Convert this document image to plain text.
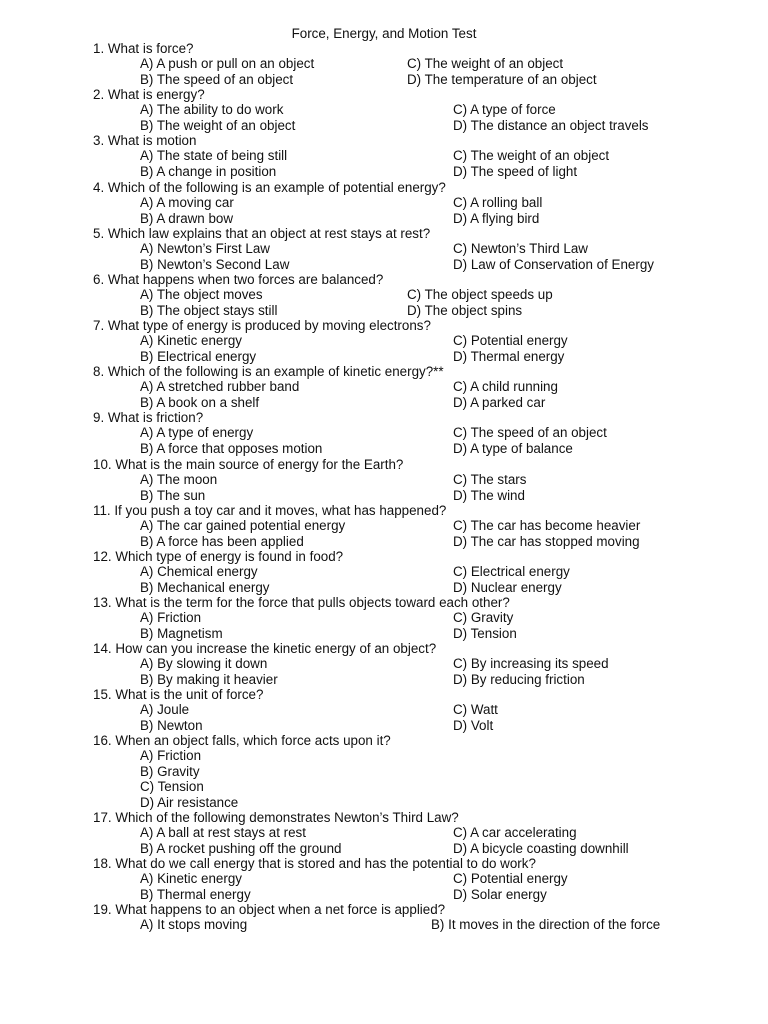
Force, Energy, and Motion Test
1. What is force?
A) A push or pull on an object
B) The speed of an object
C) The weight of an object
D) The temperature of an object
2. What is energy?
A) The ability to do work
B) The weight of an object
C) A type of force
D) The distance an object travels
3. What is motion
A) The state of being still
B) A change in position
C) The weight of an object
D) The speed of light
4. Which of the following is an example of potential energy?
A) A moving car
B) A drawn bow
C) A rolling ball
D) A flying bird
5. Which law explains that an object at rest stays at rest?
A) Newton’s First Law
B) Newton’s Second Law
C) Newton’s Third Law
D) Law of Conservation of Energy
6. What happens when two forces are balanced?
A) The object moves
B) The object stays still
C) The object speeds up
D) The object spins
7. What type of energy is produced by moving electrons?
A) Kinetic energy
B) Electrical energy
C) Potential energy
D) Thermal energy
8. Which of the following is an example of kinetic energy?**
A) A stretched rubber band
B) A book on a shelf
C) A child running
D) A parked car
9. What is friction?
A) A type of energy
B) A force that opposes motion
C) The speed of an object
D) A type of balance
10. What is the main source of energy for the Earth?
A) The moon
B) The sun
C) The stars
D) The wind
11. If you push a toy car and it moves, what has happened?
A) The car gained potential energy
B) A force has been applied
C) The car has become heavier
D) The car has stopped moving
12. Which type of energy is found in food?
A) Chemical energy
B) Mechanical energy
C) Electrical energy
D) Nuclear energy
13. What is the term for the force that pulls objects toward each other?
A) Friction
B) Magnetism
C) Gravity
D) Tension
14. How can you increase the kinetic energy of an object?
A) By slowing it down
B) By making it heavier
C) By increasing its speed
D) By reducing friction
15. What is the unit of force?
A) Joule
B) Newton
C) Watt
D) Volt
16. When an object falls, which force acts upon it?
A) Friction
B) Gravity
C) Tension
D) Air resistance
17. Which of the following demonstrates Newton’s Third Law?
A) A ball at rest stays at rest
B) A rocket pushing off the ground
C) A car accelerating
D) A bicycle coasting downhill
18. What do we call energy that is stored and has the potential to do work?
A) Kinetic energy
B) Thermal energy
C) Potential energy
D) Solar energy
19. What happens to an object when a net force is applied?
A) It stops moving	B) It moves in the direction of the force
